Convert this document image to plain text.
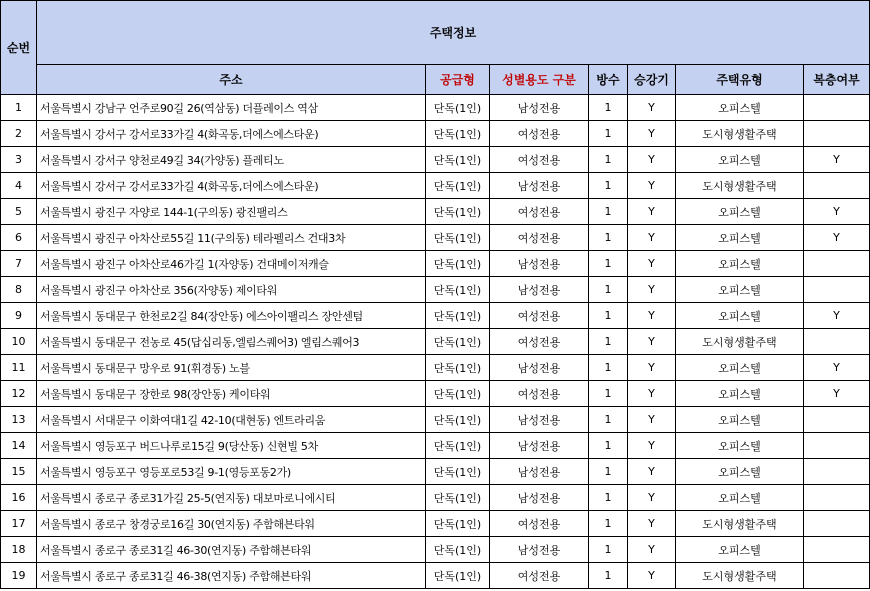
순번	주택정보						
	주소	공급형	성별용도 구분	방수	승강기	주택유형	복층여부
1	서울특별시 강남구 언주로90길 26(역삼동) 더플레이스 역삼	단독(1인)	남성전용	1	Y	오피스텔	
2	서울특별시 강서구 강서로33가길 4(화곡동,더에스에스타운)	단독(1인)	여성전용	1	Y	도시형생활주택	
3	서울특별시 강서구 양천로49길 34(가양동) 플레티노	단독(1인)	여성전용	1	Y	오피스텔	Y
4	서울특별시 강서구 강서로33가길 4(화곡동,더에스에스타운)	단독(1인)	남성전용	1	Y	도시형생활주택	
5	서울특별시 광진구 자양로 144-1(구의동) 광진팰리스	단독(1인)	여성전용	1	Y	오피스텔	Y
6	서울특별시 광진구 아차산로55길 11(구의동) 테라펠리스 건대3차	단독(1인)	여성전용	1	Y	오피스텔	Y
7	서울특별시 광진구 아차산로46가길 1(자양동) 건대메이저캐슬	단독(1인)	남성전용	1	Y	오피스텔	
8	서울특별시 광진구 아차산로 356(자양동) 제이타워	단독(1인)	남성전용	1	Y	오피스텔	
9	서울특별시 동대문구 한천로2길 84(장안동) 에스아이팰리스 장안센텀	단독(1인)	여성전용	1	Y	오피스텔	Y
10	서울특별시 동대문구 전농로 45(답십리동,엘림스퀘어3) 엘림스퀘어3	단독(1인)	여성전용	1	Y	도시형생활주택	
11	서울특별시 동대문구 망우로 91(휘경동) 노블	단독(1인)	남성전용	1	Y	오피스텔	Y
12	서울특별시 동대문구 장한로 98(장안동) 케이타워	단독(1인)	여성전용	1	Y	오피스텔	Y
13	서울특별시 서대문구 이화여대1길 42-10(대현동) 엔트라리움	단독(1인)	남성전용	1	Y	오피스텔	
14	서울특별시 영등포구 버드나루로15길 9(당산동) 신현빌 5차	단독(1인)	남성전용	1	Y	오피스텔	
15	서울특별시 영등포구 영등포로53길 9-1(영등포동2가)	단독(1인)	남성전용	1	Y	오피스텔	
16	서울특별시 종로구 종로31가길 25-5(연지동) 대보마로니에시티	단독(1인)	남성전용	1	Y	오피스텔	
17	서울특별시 종로구 창경궁로16길 30(연지동) 주함해븐타워	단독(1인)	여성전용	1	Y	도시형생활주택	
18	서울특별시 종로구 종로31길 46-30(연지동) 주함해븐타워	단독(1인)	남성전용	1	Y	오피스텔	
19	서울특별시 종로구 종로31길 46-38(연지동) 주함해븐타워	단독(1인)	여성전용	1	Y	도시형생활주택	
